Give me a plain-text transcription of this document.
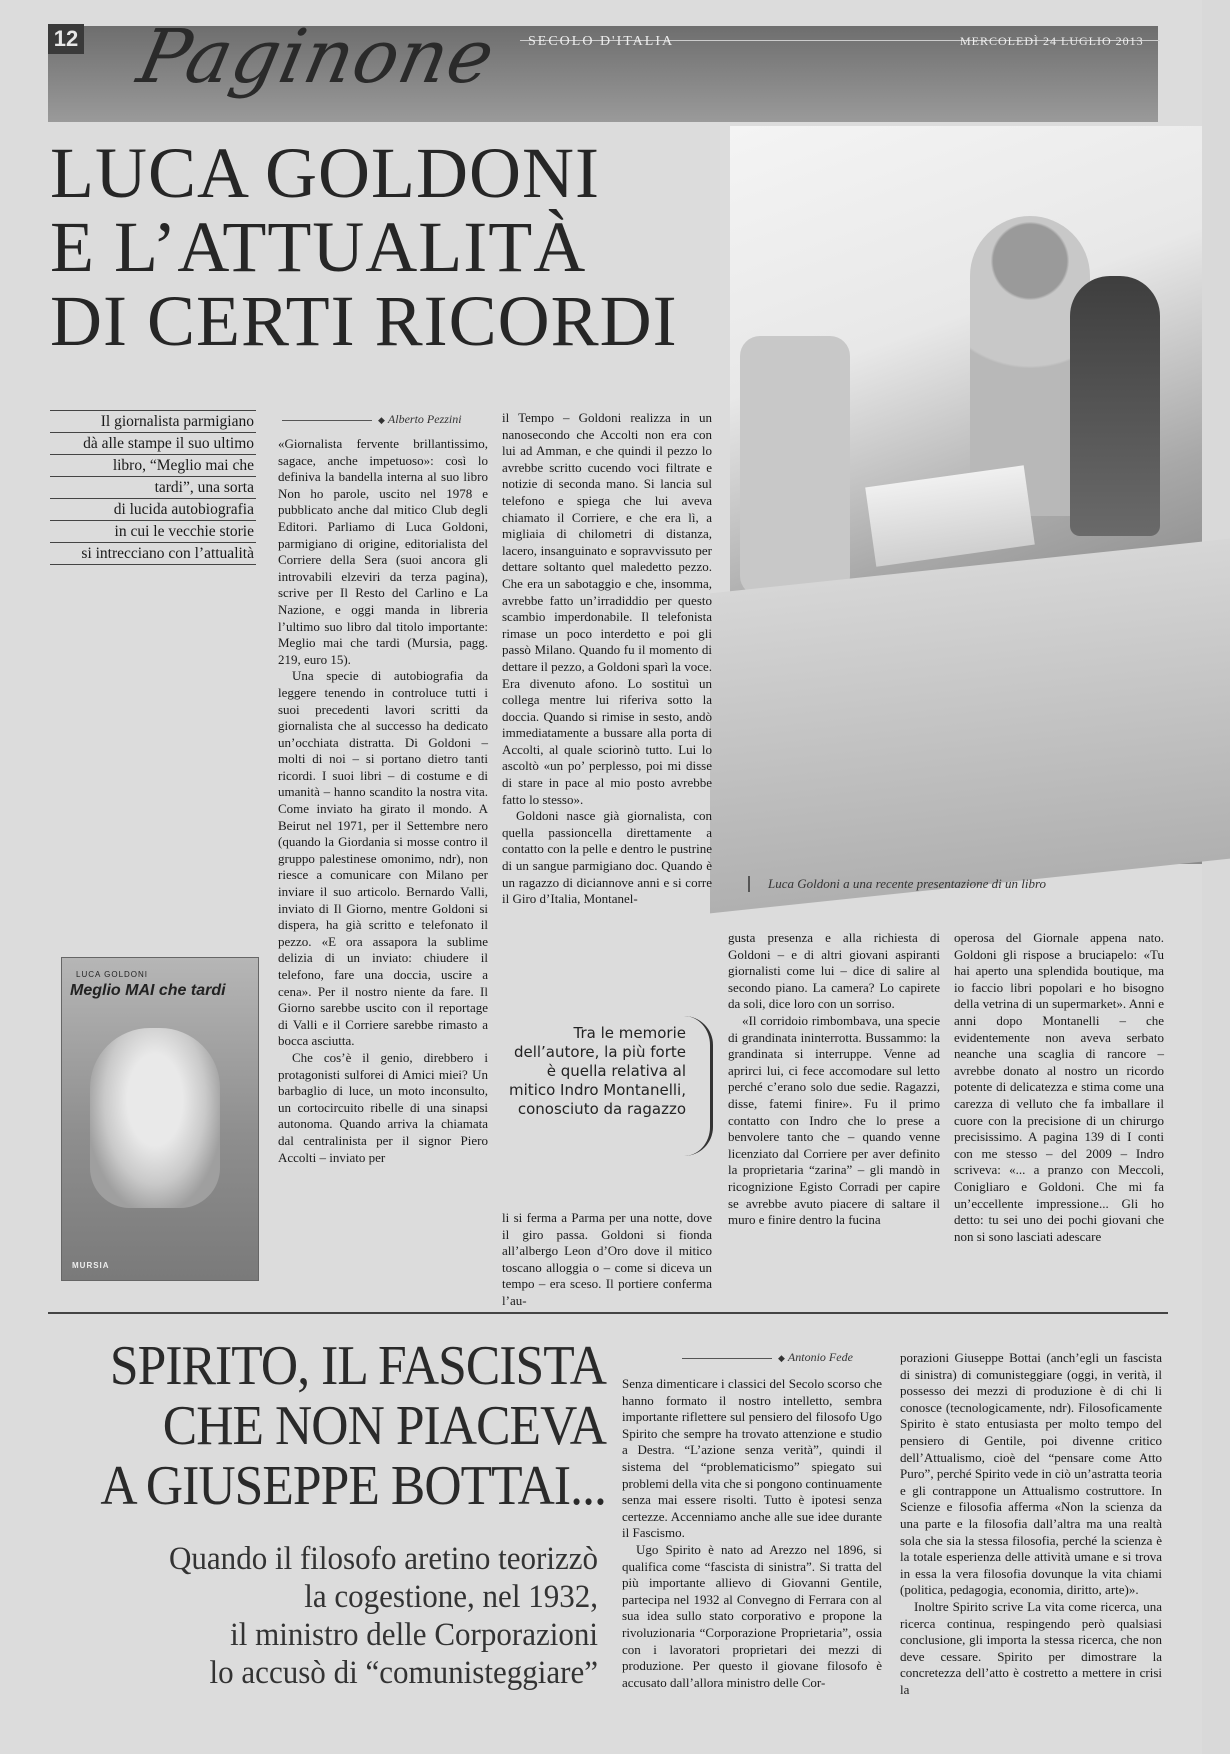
12 Paginone SECOLO D'ITALIA	MERCOLEDÌ 24 LUGLIO 2013
LUCA GOLDONI
E L’ATTUALITÀ
DI CERTI RICORDI
Luca Goldoni a una recente presentazione di un libro
Il giornalista parmigiano
dà alle stampe il suo ultimo
libro, “Meglio mai che
tardi”, una sorta
di lucida autobiografia
in cui le vecchie storie
si intrecciano con l’attualità
◆ Alberto Pezzini

«Giornalista fervente brillantissimo, sagace, anche impetuoso»: così lo definiva la bandella interna al suo libro Non ho parole, uscito nel 1978 e pubblicato anche dal mitico Club degli Editori. Parliamo di Luca Goldoni, parmigiano di origine, editorialista del Corriere della Sera (suoi ancora gli introvabili elzeviri da terza pagina), scrive per Il Resto del Carlino e La Nazione, e oggi manda in libreria l’ultimo suo libro dal titolo importante: Meglio mai che tardi (Mursia, pagg. 219, euro 15).

Una specie di autobiografia da leggere tenendo in controluce tutti i suoi precedenti lavori scritti da giornalista che al successo ha dedicato un’occhiata distratta. Di Goldoni – molti di noi – si portano dietro tanti ricordi. I suoi libri – di costume e di umanità – hanno scandito la nostra vita. Come inviato ha girato il mondo. A Beirut nel 1971, per il Settembre nero (quando la Giordania si mosse contro il gruppo palestinese omonimo, ndr), non riesce a comunicare con Milano per inviare il suo articolo. Bernardo Valli, inviato di Il Giorno, mentre Goldoni si dispera, ha già scritto e telefonato il pezzo. «E ora assapora la sublime delizia di un inviato: chiudere il telefono, fare una doccia, uscire a cena». Per il nostro niente da fare. Il Giorno sarebbe uscito con il reportage di Valli e il Corriere sarebbe rimasto a bocca asciutta.

Che cos’è il genio, direbbero i protagonisti sulforei di Amici miei? Un barbaglio di luce, un moto inconsulto, un cortocircuito ribelle di una sinapsi autonoma. Quando arriva la chiamata dal centralinista per il signor Piero Accolti – inviato per

il Tempo – Goldoni realizza in un nanosecondo che Accolti non era con lui ad Amman, e che quindi il pezzo lo avrebbe scritto cucendo voci filtrate e notizie di seconda mano. Si lancia sul telefono e spiega che lui aveva chiamato il Corriere, e che era lì, a migliaia di chilometri di distanza, lacero, insanguinato e sopravvissuto per dettare soltanto quel maledetto pezzo. Che era un sabotaggio e che, insomma, avrebbe fatto un’irradiddio per questo scambio imperdonabile. Il telefonista rimase un poco interdetto e poi gli passò Milano. Quando fu il momento di dettare il pezzo, a Goldoni sparì la voce. Era divenuto afono. Lo sostituì un collega mentre lui riferiva sotto la doccia. Quando si rimise in sesto, andò immediatamente a bussare alla porta di Accolti, al quale sciorinò tutto. Lui lo ascoltò «un po’ perplesso, poi mi disse di stare in pace al mio posto avrebbe fatto lo stesso».

Goldoni nasce già giornalista, con quella passioncella direttamente a contatto con la pelle e dentro le pustrine di un sangue parmigiano doc. Quando è un ragazzo di diciannove anni e si corre il Giro d’Italia, Montanel-

Tra le memorie dell’autore, la più forte è quella relativa al mitico Indro Montanelli, conosciuto da ragazzo

li si ferma a Parma per una notte, dove il giro passa. Goldoni si fionda all’albergo Leon d’Oro dove il mitico toscano alloggia o – come si diceva un tempo – era sceso. Il portiere conferma l’au-

gusta presenza e alla richiesta di Goldoni – e di altri giovani aspiranti giornalisti come lui – dice di salire al secondo piano. La camera? Lo capirete da soli, dice loro con un sorriso.

«Il corridoio rimbombava, una specie di grandinata ininterrotta. Bussammo: la grandinata si interruppe. Venne ad aprirci lui, ci fece accomodare sul letto perché c’erano solo due sedie. Ragazzi, disse, fatemi finire». Fu il primo contatto con Indro che lo prese a benvolere tanto che – quando venne licenziato dal Corriere per aver definito la proprietaria “zarina” – gli mandò in ricognizione Egisto Corradi per capire se avrebbe avuto piacere di saltare il muro e finire dentro la fucina

operosa del Giornale appena nato. Goldoni gli rispose a bruciapelo: «Tu hai aperto una splendida boutique, ma io faccio libri popolari e ho bisogno della vetrina di un supermarket». Anni e anni dopo Montanelli – che evidentemente non aveva serbato neanche una scaglia di rancore – avrebbe donato al nostro un ricordo potente di delicatezza e stima come una carezza di velluto che fa imballare il cuore con la precisione di un chirurgo precisissimo. A pagina 139 di I conti con me stesso – del 2009 – Indro scriveva: «... a pranzo con Meccoli, Conigliaro e Goldoni. Che mi fa un’eccellente impressione... Gli ho detto: tu sei uno dei pochi giovani che non si sono lasciati adescare

LUCA GOLDONI
Meglio MAI che tardi
MURSIA
SPIRITO, IL FASCISTA
CHE NON PIACEVA
A GIUSEPPE BOTTAI...
Quando il filosofo aretino teorizzò
la cogestione, nel 1932,
il ministro delle Corporazioni
lo accusò di “comunisteggiare”
◆ Antonio Fede

Senza dimenticare i classici del Secolo scorso che hanno formato il nostro intelletto, sembra importante riflettere sul pensiero del filosofo Ugo Spirito che sempre ha trovato attenzione e studio a Destra. “L’azione senza verità”, quindi il sistema del “problematicismo” spiegato sui problemi della vita che si pongono continuamente senza mai essere risolti. Tutto è ipotesi senza certezze. Accenniamo anche alle sue idee durante il Fascismo.

Ugo Spirito è nato ad Arezzo nel 1896, si qualifica come “fascista di sinistra”. Si tratta del più importante allievo di Giovanni Gentile, partecipa nel 1932 al Convegno di Ferrara con al sua idea sullo stato corporativo e propone la rivoluzionaria “Corporazione Proprietaria”, ossia con i lavoratori proprietari dei mezzi di produzione. Per questo il giovane filosofo è accusato dall’allora ministro delle Cor-

porazioni Giuseppe Bottai (anch’egli un fascista di sinistra) di comunisteggiare (oggi, in verità, il possesso dei mezzi di produzione è di chi li conosce (tecnologicamente, ndr). Filosoficamente Spirito è stato entusiasta per molto tempo del pensiero di Gentile, poi divenne critico dell’Attualismo, cioè del “pensare come Atto Puro”, perché Spirito vede in ciò un’astratta teoria e gli contrappone un Attualismo costruttore. In Scienze e filosofia afferma «Non la scienza da una parte e la filosofia dall’altra ma una realtà sola che sia la stessa filosofia, perché la scienza è la totale esperienza delle attività umane e si trova in essa la vera filosofia dovunque la vita chiami (politica, pedagogia, economia, diritto, arte)».

Inoltre Spirito scrive La vita come ricerca, una ricerca continua, respingendo però qualsiasi conclusione, gli importa la stessa ricerca, che non deve cessare. Spirito per dimostrare la concretezza dell’atto è costretto a mettere in crisi la
